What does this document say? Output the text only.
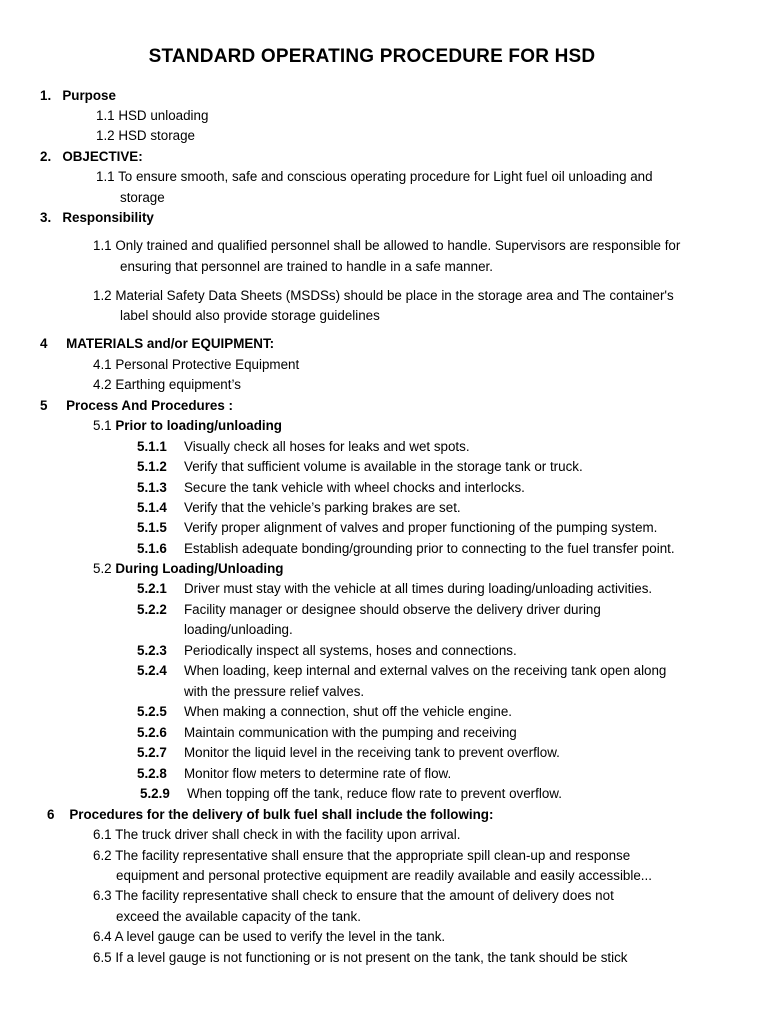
STANDARD OPERATING PROCEDURE FOR HSD
1. Purpose
1.1 HSD unloading
1.2 HSD storage
2. OBJECTIVE:
1.1 To ensure smooth, safe and conscious operating procedure for Light fuel oil unloading and
storage
3. Responsibility
1.1 Only trained and qualified personnel shall be allowed to handle. Supervisors are responsible for
ensuring that personnel are trained to handle in a safe manner.
1.2 Material Safety Data Sheets (MSDSs) should be place in the storage area and The container's
label should also provide storage guidelines
4 MATERIALS and/or EQUIPMENT:
4.1 Personal Protective Equipment
4.2 Earthing equipment’s
5 Process And Procedures :
5.1 Prior to loading/unloading
5.1.1 Visually check all hoses for leaks and wet spots.
5.1.2 Verify that sufficient volume is available in the storage tank or truck.
5.1.3 Secure the tank vehicle with wheel chocks and interlocks.
5.1.4 Verify that the vehicle’s parking brakes are set.
5.1.5 Verify proper alignment of valves and proper functioning of the pumping system.
5.1.6 Establish adequate bonding/grounding prior to connecting to the fuel transfer point.
5.2 During Loading/Unloading
5.2.1 Driver must stay with the vehicle at all times during loading/unloading activities.
5.2.2 Facility manager or designee should observe the delivery driver during
loading/unloading.
5.2.3 Periodically inspect all systems, hoses and connections.
5.2.4 When loading, keep internal and external valves on the receiving tank open along
with the pressure relief valves.
5.2.5 When making a connection, shut off the vehicle engine.
5.2.6 Maintain communication with the pumping and receiving
5.2.7 Monitor the liquid level in the receiving tank to prevent overflow.
5.2.8 Monitor flow meters to determine rate of flow.
5.2.9 When topping off the tank, reduce flow rate to prevent overflow.
6 Procedures for the delivery of bulk fuel shall include the following:
6.1 The truck driver shall check in with the facility upon arrival.
6.2 The facility representative shall ensure that the appropriate spill clean-up and response
equipment and personal protective equipment are readily available and easily accessible...
6.3 The facility representative shall check to ensure that the amount of delivery does not
exceed the available capacity of the tank.
6.4 A level gauge can be used to verify the level in the tank.
6.5 If a level gauge is not functioning or is not present on the tank, the tank should be stick
